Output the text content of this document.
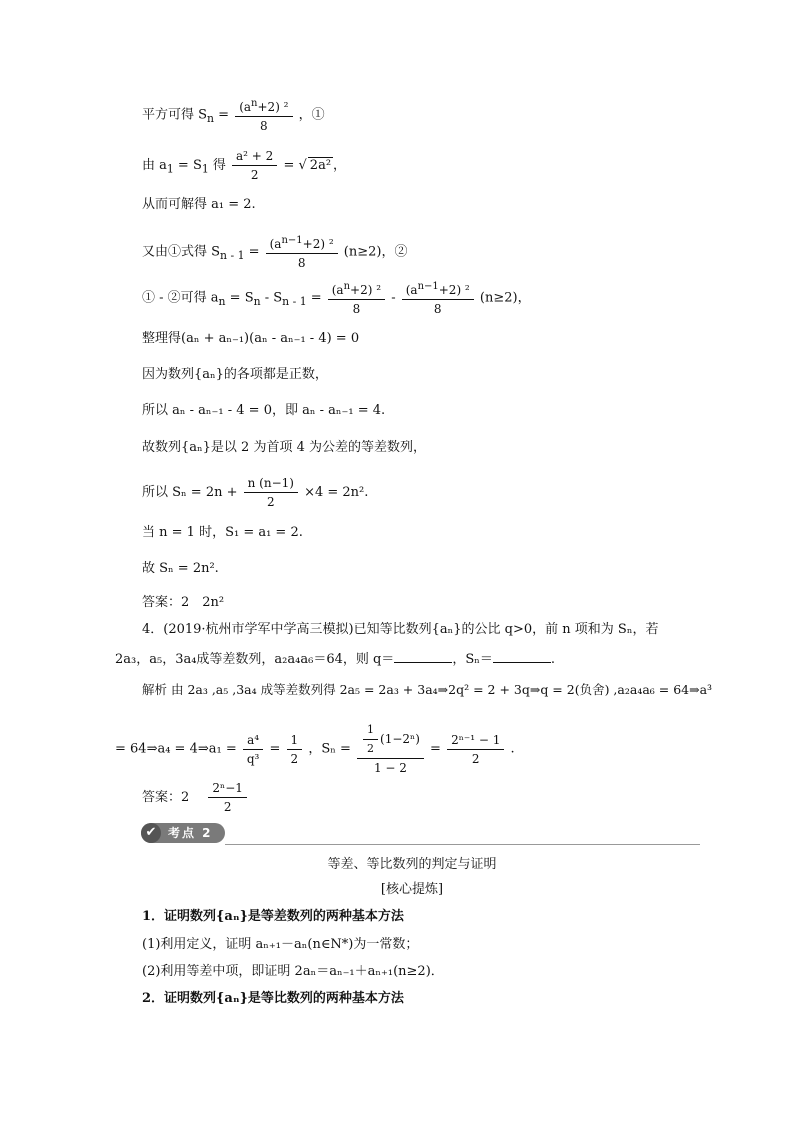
平方可得 $S_n = \frac{(a^n+2) ^2}{8}$ ，①
由 $a_1 = S_1$ 得 $\frac{\text{a² + 2}}{2}$ = √ 2a² ，
从而可解得 a₁ = 2.
又由①式得 $S_{n - 1} = \frac{(a^{n-1}+2) ^2}{8} (n\ge 2)$，②
① - ②可得 $a_n = S_n - S_{n - 1} = \frac{(a^n+2) ^2}{8} - \frac{(a^{n-1}+2) ^2}{8} (n\ge 2)$，
整理得(aₙ + aₙ₋₁)(aₙ - aₙ₋₁ - 4) = 0
因为数列{aₙ}的各项都是正数，
所以 aₙ - aₙ₋₁ - 4 = 0，即 aₙ - aₙ₋₁ = 4.
故数列{aₙ}是以 2 为首项 4 为公差的等差数列，
所以 $S_n = 2n + \frac{n (n-1)}{2} \times 4 = 2n^2$.
当 n = 1 时，S₁ = a₁ = 2.
故 Sₙ = 2n².
答案：2　2n²
4．(2019·杭州市学军中学高三模拟)已知等比数列{aₙ}的公比 q>0，前 n 项和为 Sₙ，若
2a₃，a₅，3a₄成等差数列，a₂a₄a₆＝64，则 q＝	，Sₙ＝	.
解析 由 2a₃ ,a₅ ,3a₄ 成等差数列得 2a₅ = 2a₃ + 3a₄⇒2q² = 2 + 3q⇒q = 2(负舍) ,a₂a₄a₆ = 64⇒a³
= 64⇒a₄ = 4⇒a₁ = $\frac{\text{a⁴}}{\text{q³}} = \frac{1}{2}$ ，$S_n = \frac{\frac{1}{2} (1-2^n)}{1 - 2} = \frac{\text{2ⁿ⁻¹ − 1}}{2}$ .
答案：2　 $\frac{\text{2ⁿ−1}}{2}$
✔ 考点 2
等差、等比数列的判定与证明
[核心提炼]
1．证明数列{aₙ}是等差数列的两种基本方法
(1)利用定义，证明 aₙ₊₁－aₙ(n∈N*)为一常数；
(2)利用等差中项，即证明 2aₙ＝aₙ₋₁＋aₙ₊₁(n≥2)．
2．证明数列{aₙ}是等比数列的两种基本方法
